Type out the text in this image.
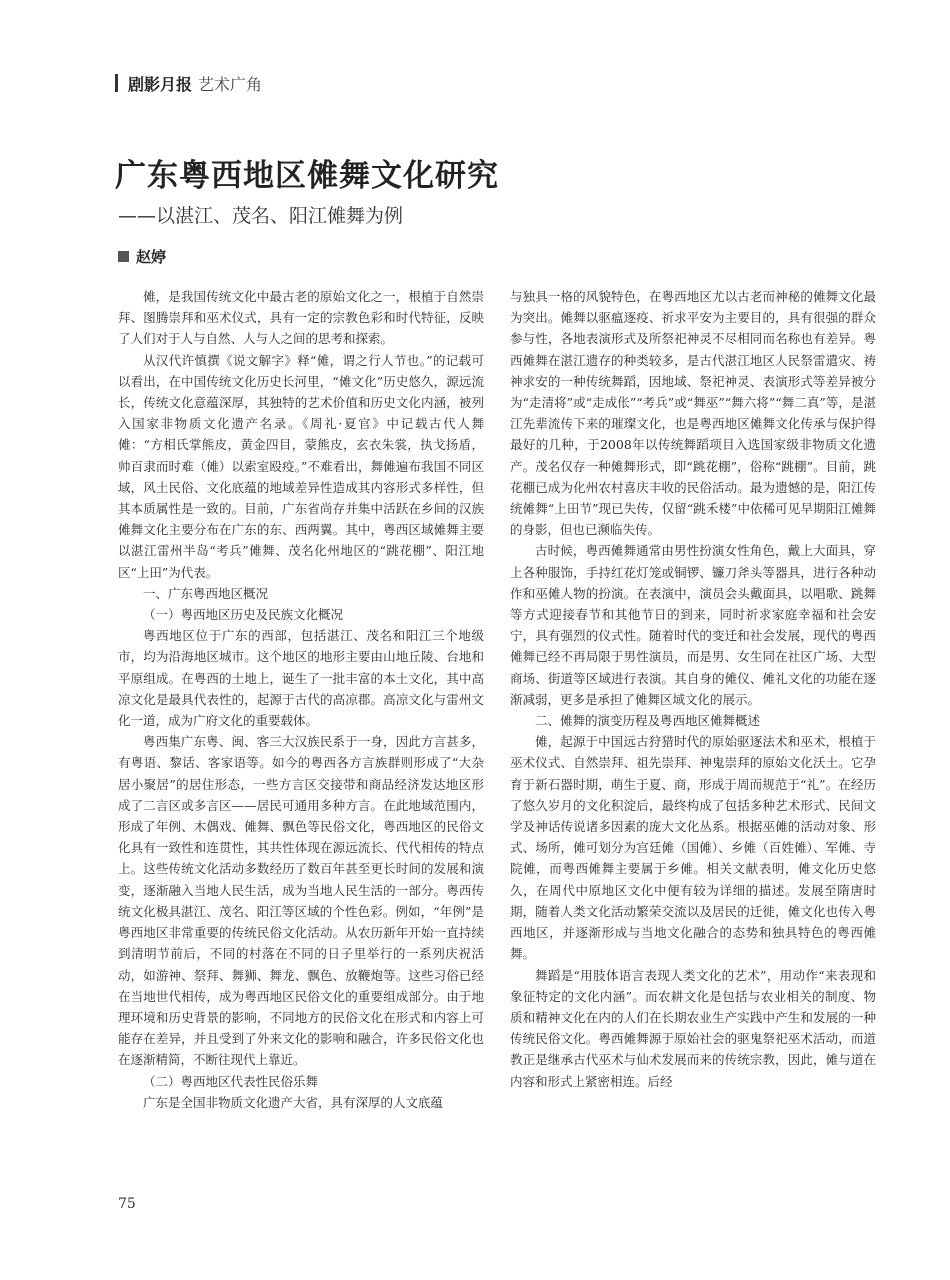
剧影月报 艺术广角
广东粤西地区傩舞文化研究
——以湛江、茂名、阳江傩舞为例
赵婷

傩，是我国传统文化中最古老的原始文化之一，根植于自然崇拜、图腾崇拜和巫术仪式，具有一定的宗教色彩和时代特征，反映了人们对于人与自然、人与人之间的思考和探索。

从汉代许慎撰《说文解字》释“傩，谓之行人节也。”的记载可以看出，在中国传统文化历史长河里，“傩文化”历史悠久，源远流长，传统文化意蕴深厚，其独特的艺术价值和历史文化内涵，被列入国家非物质文化遗产名录。《周礼·夏官》中记载古代人舞傩：“方相氏掌熊皮，黄金四目，蒙熊皮，玄衣朱裳，执戈扬盾，帅百隶而时难（傩）以索室殴疫。”不难看出，舞傩遍布我国不同区域，风土民俗、文化底蕴的地域差异性造成其内容形式多样性，但其本质属性是一致的。目前，广东省尚存并集中活跃在乡间的汉族傩舞文化主要分布在广东的东、西两翼。其中，粤西区域傩舞主要以湛江雷州半岛“考兵”傩舞、茂名化州地区的“跳花棚”、阳江地区“上田”为代表。

一、广东粤西地区概况

（一）粤西地区历史及民族文化概况

粤西地区位于广东的西部，包括湛江、茂名和阳江三个地级市，均为沿海地区城市。这个地区的地形主要由山地丘陵、台地和平原组成。在粤西的土地上，诞生了一批丰富的本土文化，其中高凉文化是最具代表性的，起源于古代的高凉郡。高凉文化与雷州文化一道，成为广府文化的重要载体。

粤西集广东粤、闽、客三大汉族民系于一身，因此方言甚多，有粤语、黎话、客家语等。如今的粤西各方言族群则形成了“大杂居小聚居”的居住形态，一些方言区交接带和商品经济发达地区形成了二言区或多言区——居民可通用多种方言。在此地域范围内，形成了年例、木偶戏、傩舞、飘色等民俗文化，粤西地区的民俗文化具有一致性和连贯性，其共性体现在源远流长、代代相传的特点上。这些传统文化活动多数经历了数百年甚至更长时间的发展和演变，逐渐融入当地人民生活，成为当地人民生活的一部分。粤西传统文化极具湛江、茂名、阳江等区域的个性色彩。例如，“年例”是粤西地区非常重要的传统民俗文化活动。从农历新年开始一直持续到清明节前后，不同的村落在不同的日子里举行的一系列庆祝活动，如游神、祭拜、舞狮、舞龙、飘色、放鞭炮等。这些习俗已经在当地世代相传，成为粤西地区民俗文化的重要组成部分。由于地理环境和历史背景的影响，不同地方的民俗文化在形式和内容上可能存在差异，并且受到了外来文化的影响和融合，许多民俗文化也在逐渐精简，不断往现代上靠近。

（二）粤西地区代表性民俗乐舞

广东是全国非物质文化遗产大省，具有深厚的人文底蕴

与独具一格的风貌特色，在粤西地区尤以古老而神秘的傩舞文化最为突出。傩舞以驱瘟逐疫、祈求平安为主要目的，具有很强的群众参与性，各地表演形式及所祭祀神灵不尽相同而名称也有差异。粤西傩舞在湛江遗存的种类较多，是古代湛江地区人民祭雷遣灾、祷神求安的一种传统舞蹈，因地域、祭祀神灵、表演形式等差异被分为“走清将”或“走成伥”“考兵”或“舞巫”“舞六将”“舞二真”等，是湛江先辈流传下来的璀璨文化，也是粤西地区傩舞文化传承与保护得最好的几种，于2008年以传统舞蹈项目入选国家级非物质文化遗产。茂名仅存一种傩舞形式，即“跳花棚”，俗称“跳棚”。目前，跳花棚已成为化州农村喜庆丰收的民俗活动。最为遗憾的是，阳江传统傩舞“上田节”现已失传，仅留“跳禾楼”中依稀可见早期阳江傩舞的身影，但也已濒临失传。

古时候，粤西傩舞通常由男性扮演女性角色，戴上大面具，穿上各种服饰，手持红花灯笼或铜锣、镰刀斧头等器具，进行各种动作和巫傩人物的扮演。在表演中，演员会头戴面具，以唱歌、跳舞等方式迎接春节和其他节日的到来，同时祈求家庭幸福和社会安宁，具有强烈的仪式性。随着时代的变迁和社会发展，现代的粤西傩舞已经不再局限于男性演员，而是男、女生同在社区广场、大型商场、街道等区域进行表演。其自身的傩仪、傩礼文化的功能在逐渐减弱，更多是承担了傩舞区域文化的展示。

二、傩舞的演变历程及粤西地区傩舞概述

傩，起源于中国远古狩猎时代的原始驱逐法术和巫术，根植于巫术仪式、自然崇拜、祖先崇拜、神鬼崇拜的原始文化沃土。它孕育于新石器时期，萌生于夏、商，形成于周而规范于“礼”。在经历了悠久岁月的文化积淀后，最终构成了包括多种艺术形式、民间文学及神话传说诸多因素的庞大文化丛系。根据巫傩的活动对象、形式、场所，傩可划分为宫廷傩（国傩）、乡傩（百姓傩）、军傩、寺院傩，而粤西傩舞主要属于乡傩。相关文献表明，傩文化历史悠久，在周代中原地区文化中便有较为详细的描述。发展至隋唐时期，随着人类文化活动繁荣交流以及居民的迁徙，傩文化也传入粤西地区，并逐渐形成与当地文化融合的态势和独具特色的粤西傩舞。

舞蹈是“用肢体语言表现人类文化的艺术”，用动作“来表现和象征特定的文化内涵”。而农耕文化是包括与农业相关的制度、物质和精神文化在内的人们在长期农业生产实践中产生和发展的一种传统民俗文化。粤西傩舞源于原始社会的驱鬼祭祀巫术活动，而道教正是继承古代巫术与仙术发展而来的传统宗教，因此，傩与道在内容和形式上紧密相连。后经

75
